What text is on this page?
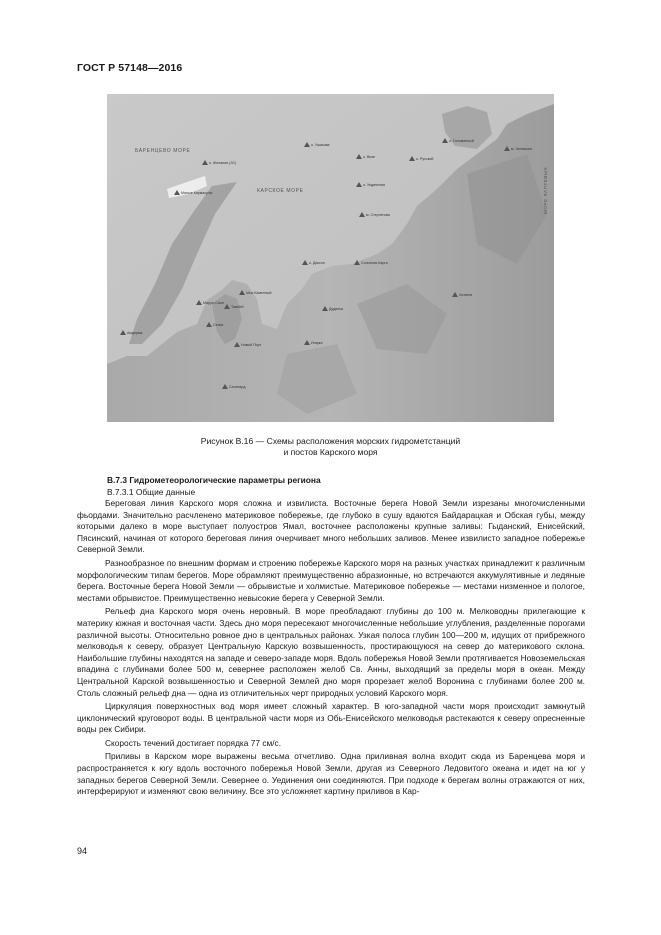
ГОСТ Р 57148—2016
БАРЕНЦЕВО МОРЕ
КАРСКОЕ МОРЕ	МОРЕ ЛАПТЕВЫХ
о. Желания (ЗС)
Малые Кармакулы
о. Визе
о. Ушакова
о. Уединения
о. Русский
о. Голомянный
м. Челюскин
м. Стерлегова
о. Диксон	Сопочная Карга
Мыс Каменный
Амдерма
Марре-Сале
Тамбей
Сеяха
Новый Порт
Салехард
Дудинка
Хатанга
Игарка
Рисунок В.16 — Схемы расположения морских гидрометстанций
и постов Карского моря
В.7.3 Гидрометеорологические параметры региона
В.7.3.1 Общие данные

Береговая линия Карского моря сложна и извилиста. Восточные берега Новой Земли изрезаны многочисленными фьордами. Значительно расчленено материковое побережье, где глубоко в сушу вдаются Байдарацкая и Обская губы, между которыми далеко в море выступает полуостров Ямал, восточнее расположены крупные заливы: Гыданский, Енисейский, Пясинский, начиная от которого береговая линия очерчивает много небольших заливов. Менее извилисто западное побережье Северной Земли.

Разнообразное по внешним формам и строению побережье Карского моря на разных участках принадлежит к различным морфологическим типам берегов. Море обрамляют преимущественно абразионные, но встречаются аккумулятивные и ледяные берега. Восточные берега Новой Земли — обрывистые и холмистые. Материковое побережье — местами низменное и пологое, местами обрывистое. Преимущественно невысокие берега у Северной Земли.

Рельеф дна Карского моря очень неровный. В море преобладают глубины до 100 м. Мелководны прилегающие к материку южная и восточная части. Здесь дно моря пересекают многочисленные небольшие углубления, разделенные порогами различной высоты. Относительно ровное дно в центральных районах. Узкая полоса глубин 100—200 м, идущих от прибрежного мелководья к северу, образует Центральную Карскую возвышенность, простирающуюся на север до материкового склона. Наибольшие глубины находятся на западе и северо-западе моря. Вдоль побережья Новой Земли протягивается Новоземельская впадина с глубинами более 500 м, севернее расположен желоб Св. Анны, выходящий за пределы моря в океан. Между Центральной Карской возвышенностью и Северной Землей дно моря прорезает желоб Воронина с глубинами более 200 м. Столь сложный рельеф дна — одна из отличительных черт природных условий Карского моря.

Циркуляция поверхностных вод моря имеет сложный характер. В юго-западной части моря происходит замкнутый циклонический круговорот воды. В центральной части моря из Обь-Енисейского мелководья растекаются к северу опресненные воды рек Сибири.

Скорость течений достигает порядка 77 см/с.

Приливы в Карском море выражены весьма отчетливо. Одна приливная волна входит сюда из Баренцева моря и распространяется к югу вдоль восточного побережья Новой Земли, другая из Северного Ледовитого океана и идет на юг у западных берегов Северной Земли. Севернее о. Уединения они соединяются. При подходе к берегам волны отражаются от них, интерферируют и изменяют свою величину. Все это усложняет картину приливов в Кар-

94
